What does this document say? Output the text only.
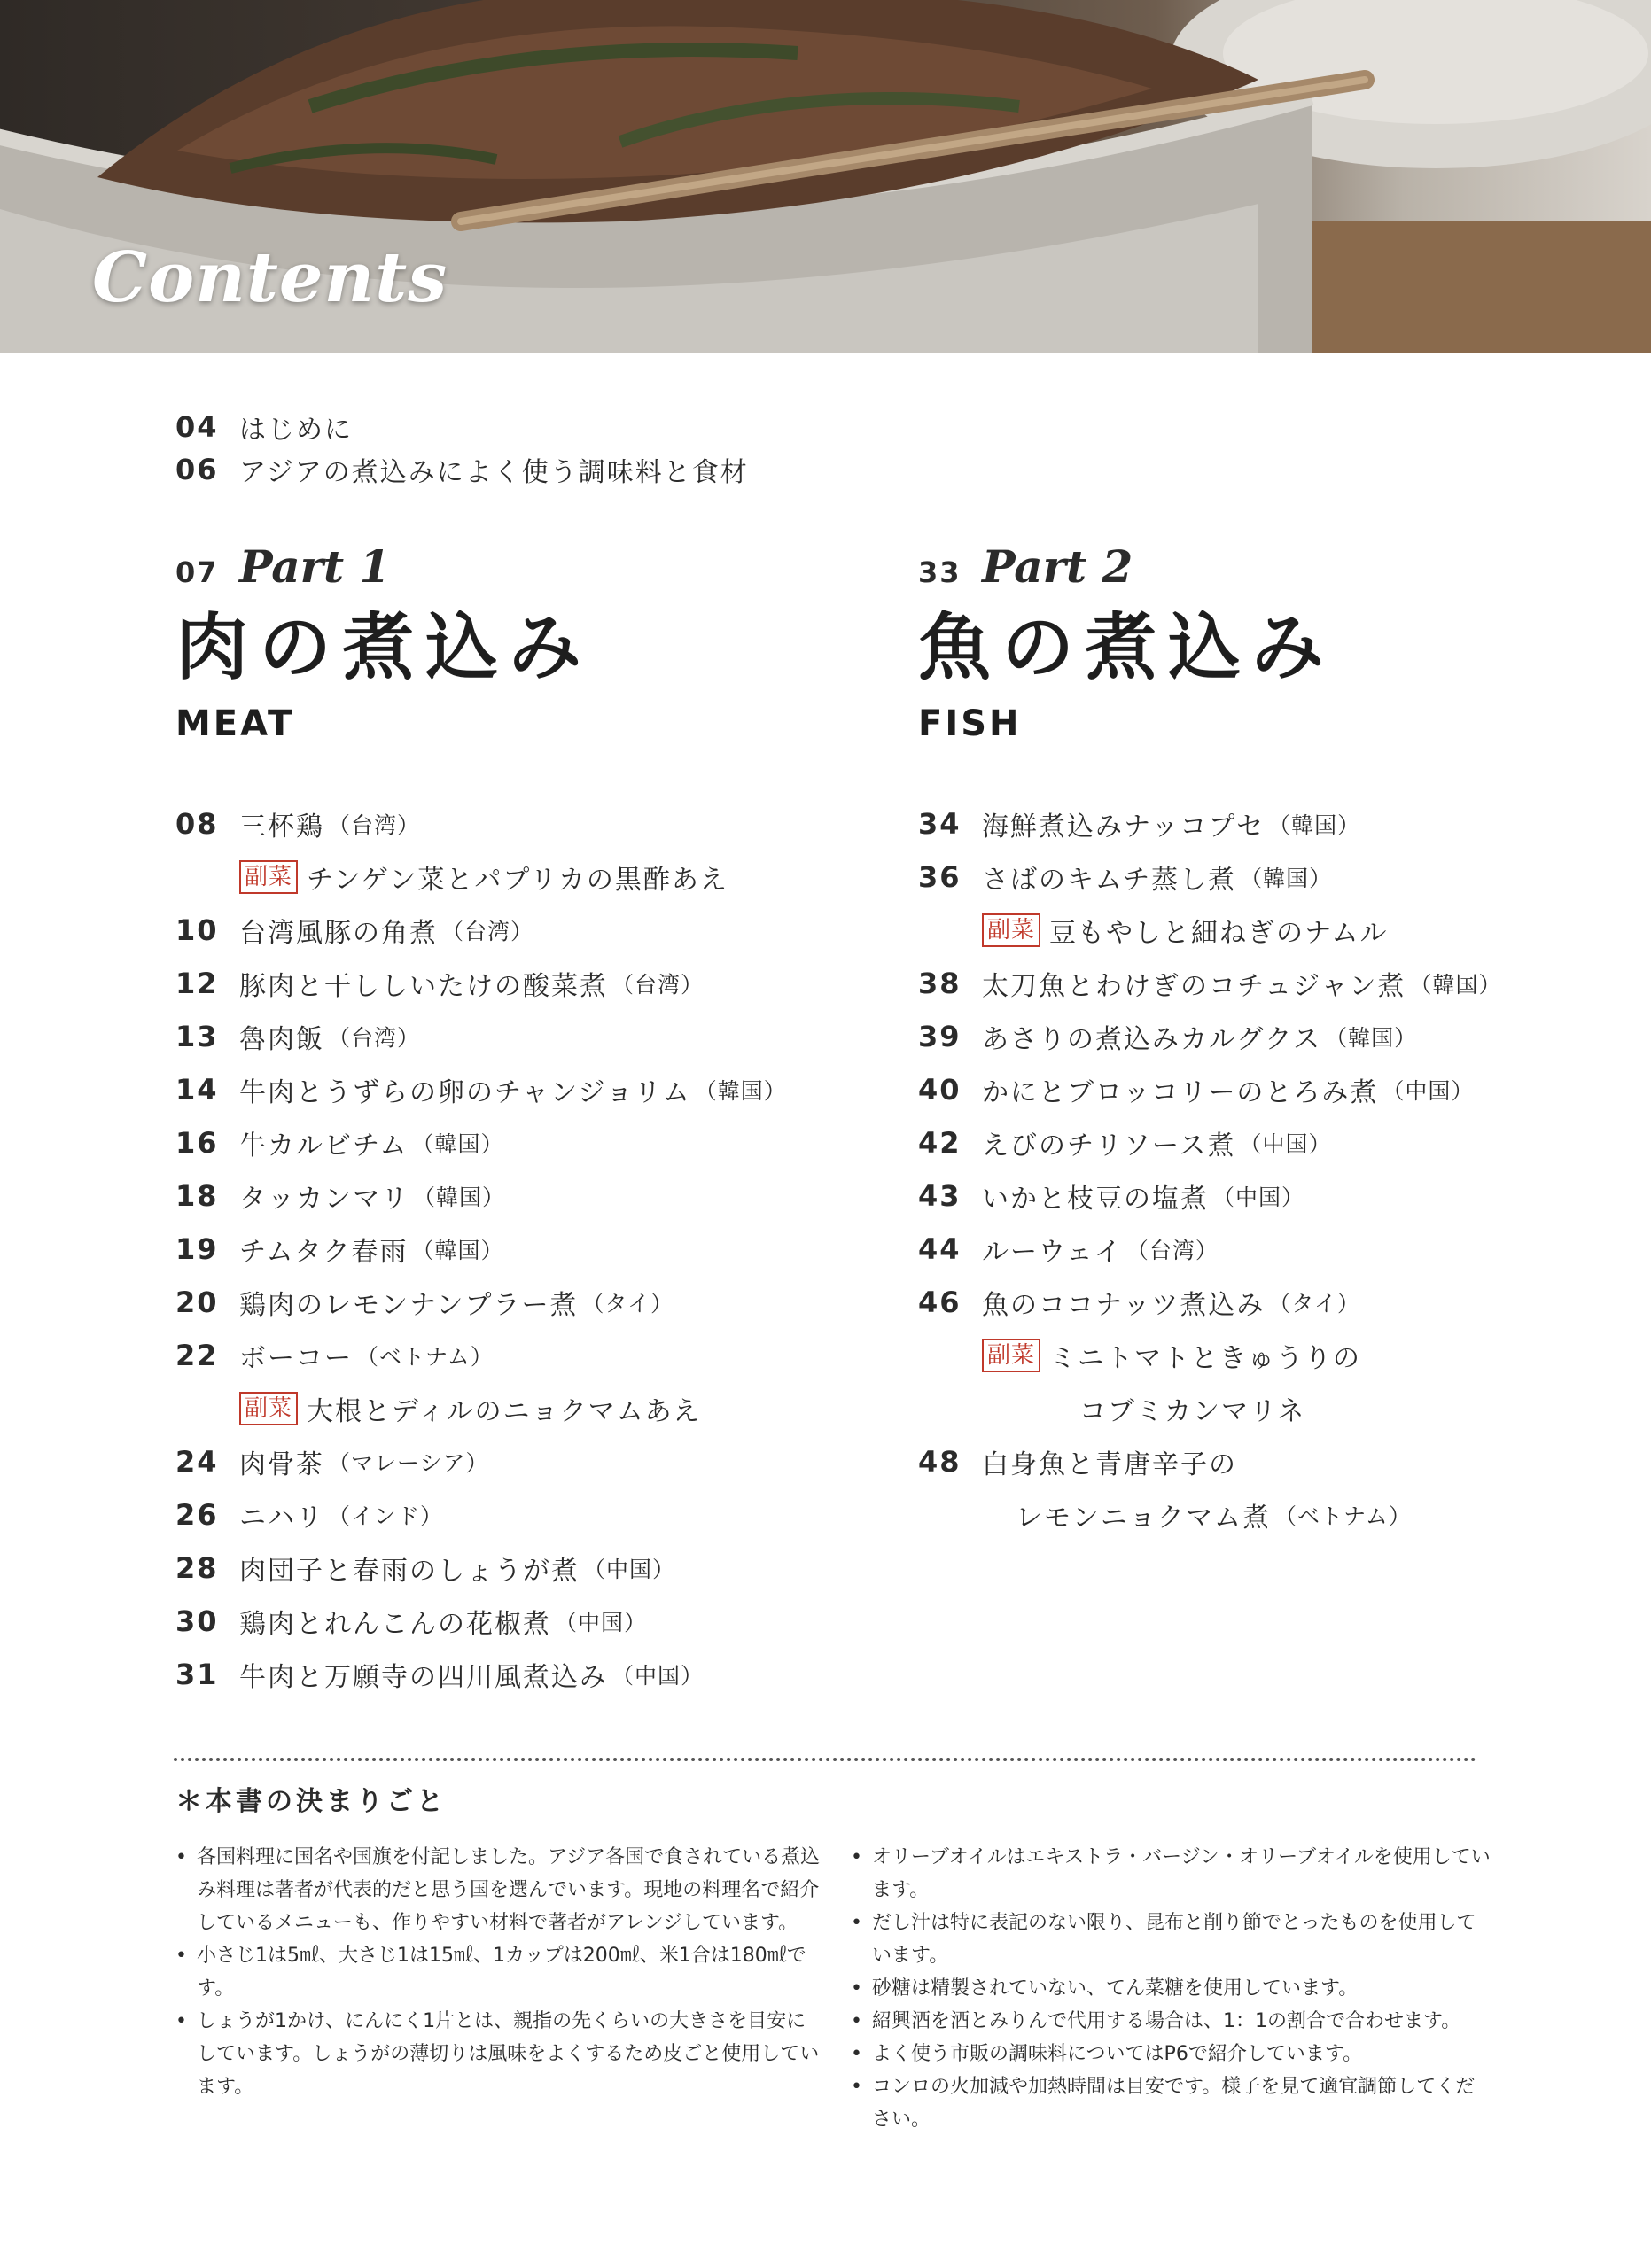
Contents
04 はじめに
06 アジアの煮込みによく使う調味料と食材
07 Part 1
肉の煮込み
MEAT
33 Part 2
魚の煮込み
FISH
08 三杯鶏 （台湾）
副菜 チンゲン菜とパプリカの黒酢あえ
10 台湾風豚の角煮 （台湾）
12 豚肉と干ししいたけの酸菜煮 （台湾）
13 魯肉飯 （台湾）
14 牛肉とうずらの卵のチャンジョリム （韓国）
16 牛カルビチム （韓国）
18 タッカンマリ （韓国）
19 チムタク春雨 （韓国）
20 鶏肉のレモンナンプラー煮 （タイ）
22 ボーコー （ベトナム）
副菜 大根とディルのニョクマムあえ
24 肉骨茶 （マレーシア）
26 ニハリ （インド）
28 肉団子と春雨のしょうが煮 （中国）
30 鶏肉とれんこんの花椒煮 （中国）
31 牛肉と万願寺の四川風煮込み （中国）
34 海鮮煮込みナッコプセ （韓国）
36 さばのキムチ蒸し煮 （韓国）
副菜 豆もやしと細ねぎのナムル
38 太刀魚とわけぎのコチュジャン煮 （韓国）
39 あさりの煮込みカルグクス （韓国）
40 かにとブロッコリーのとろみ煮 （中国）
42 えびのチリソース煮 （中国）
43 いかと枝豆の塩煮 （中国）
44 ルーウェイ （台湾）
46 魚のココナッツ煮込み （タイ）
副菜 ミニトマトときゅうりの
コブミカンマリネ
48 白身魚と青唐辛子の
レモンニョクマム煮 （ベトナム）
＊本書の決まりごと
• 各国料理に国名や国旗を付記しました。アジア各国で食されている煮込み料理は著者が代表的だと思う国を選んでいます。現地の料理名で紹介しているメニューも、作りやすい材料で著者がアレンジしています。
• 小さじ1は5㎖、大さじ1は15㎖、1カップは200㎖、米1合は180㎖です。
• しょうが1かけ、にんにく1片とは、親指の先くらいの大きさを目安にしています。しょうがの薄切りは風味をよくするため皮ごと使用しています。
• オリーブオイルはエキストラ・バージン・オリーブオイルを使用しています。
• だし汁は特に表記のない限り、昆布と削り節でとったものを使用しています。
• 砂糖は精製されていない、てん菜糖を使用しています。
• 紹興酒を酒とみりんで代用する場合は、1：1の割合で合わせます。
• よく使う市販の調味料についてはP6で紹介しています。
• コンロの火加減や加熱時間は目安です。様子を見て適宜調節してください。
